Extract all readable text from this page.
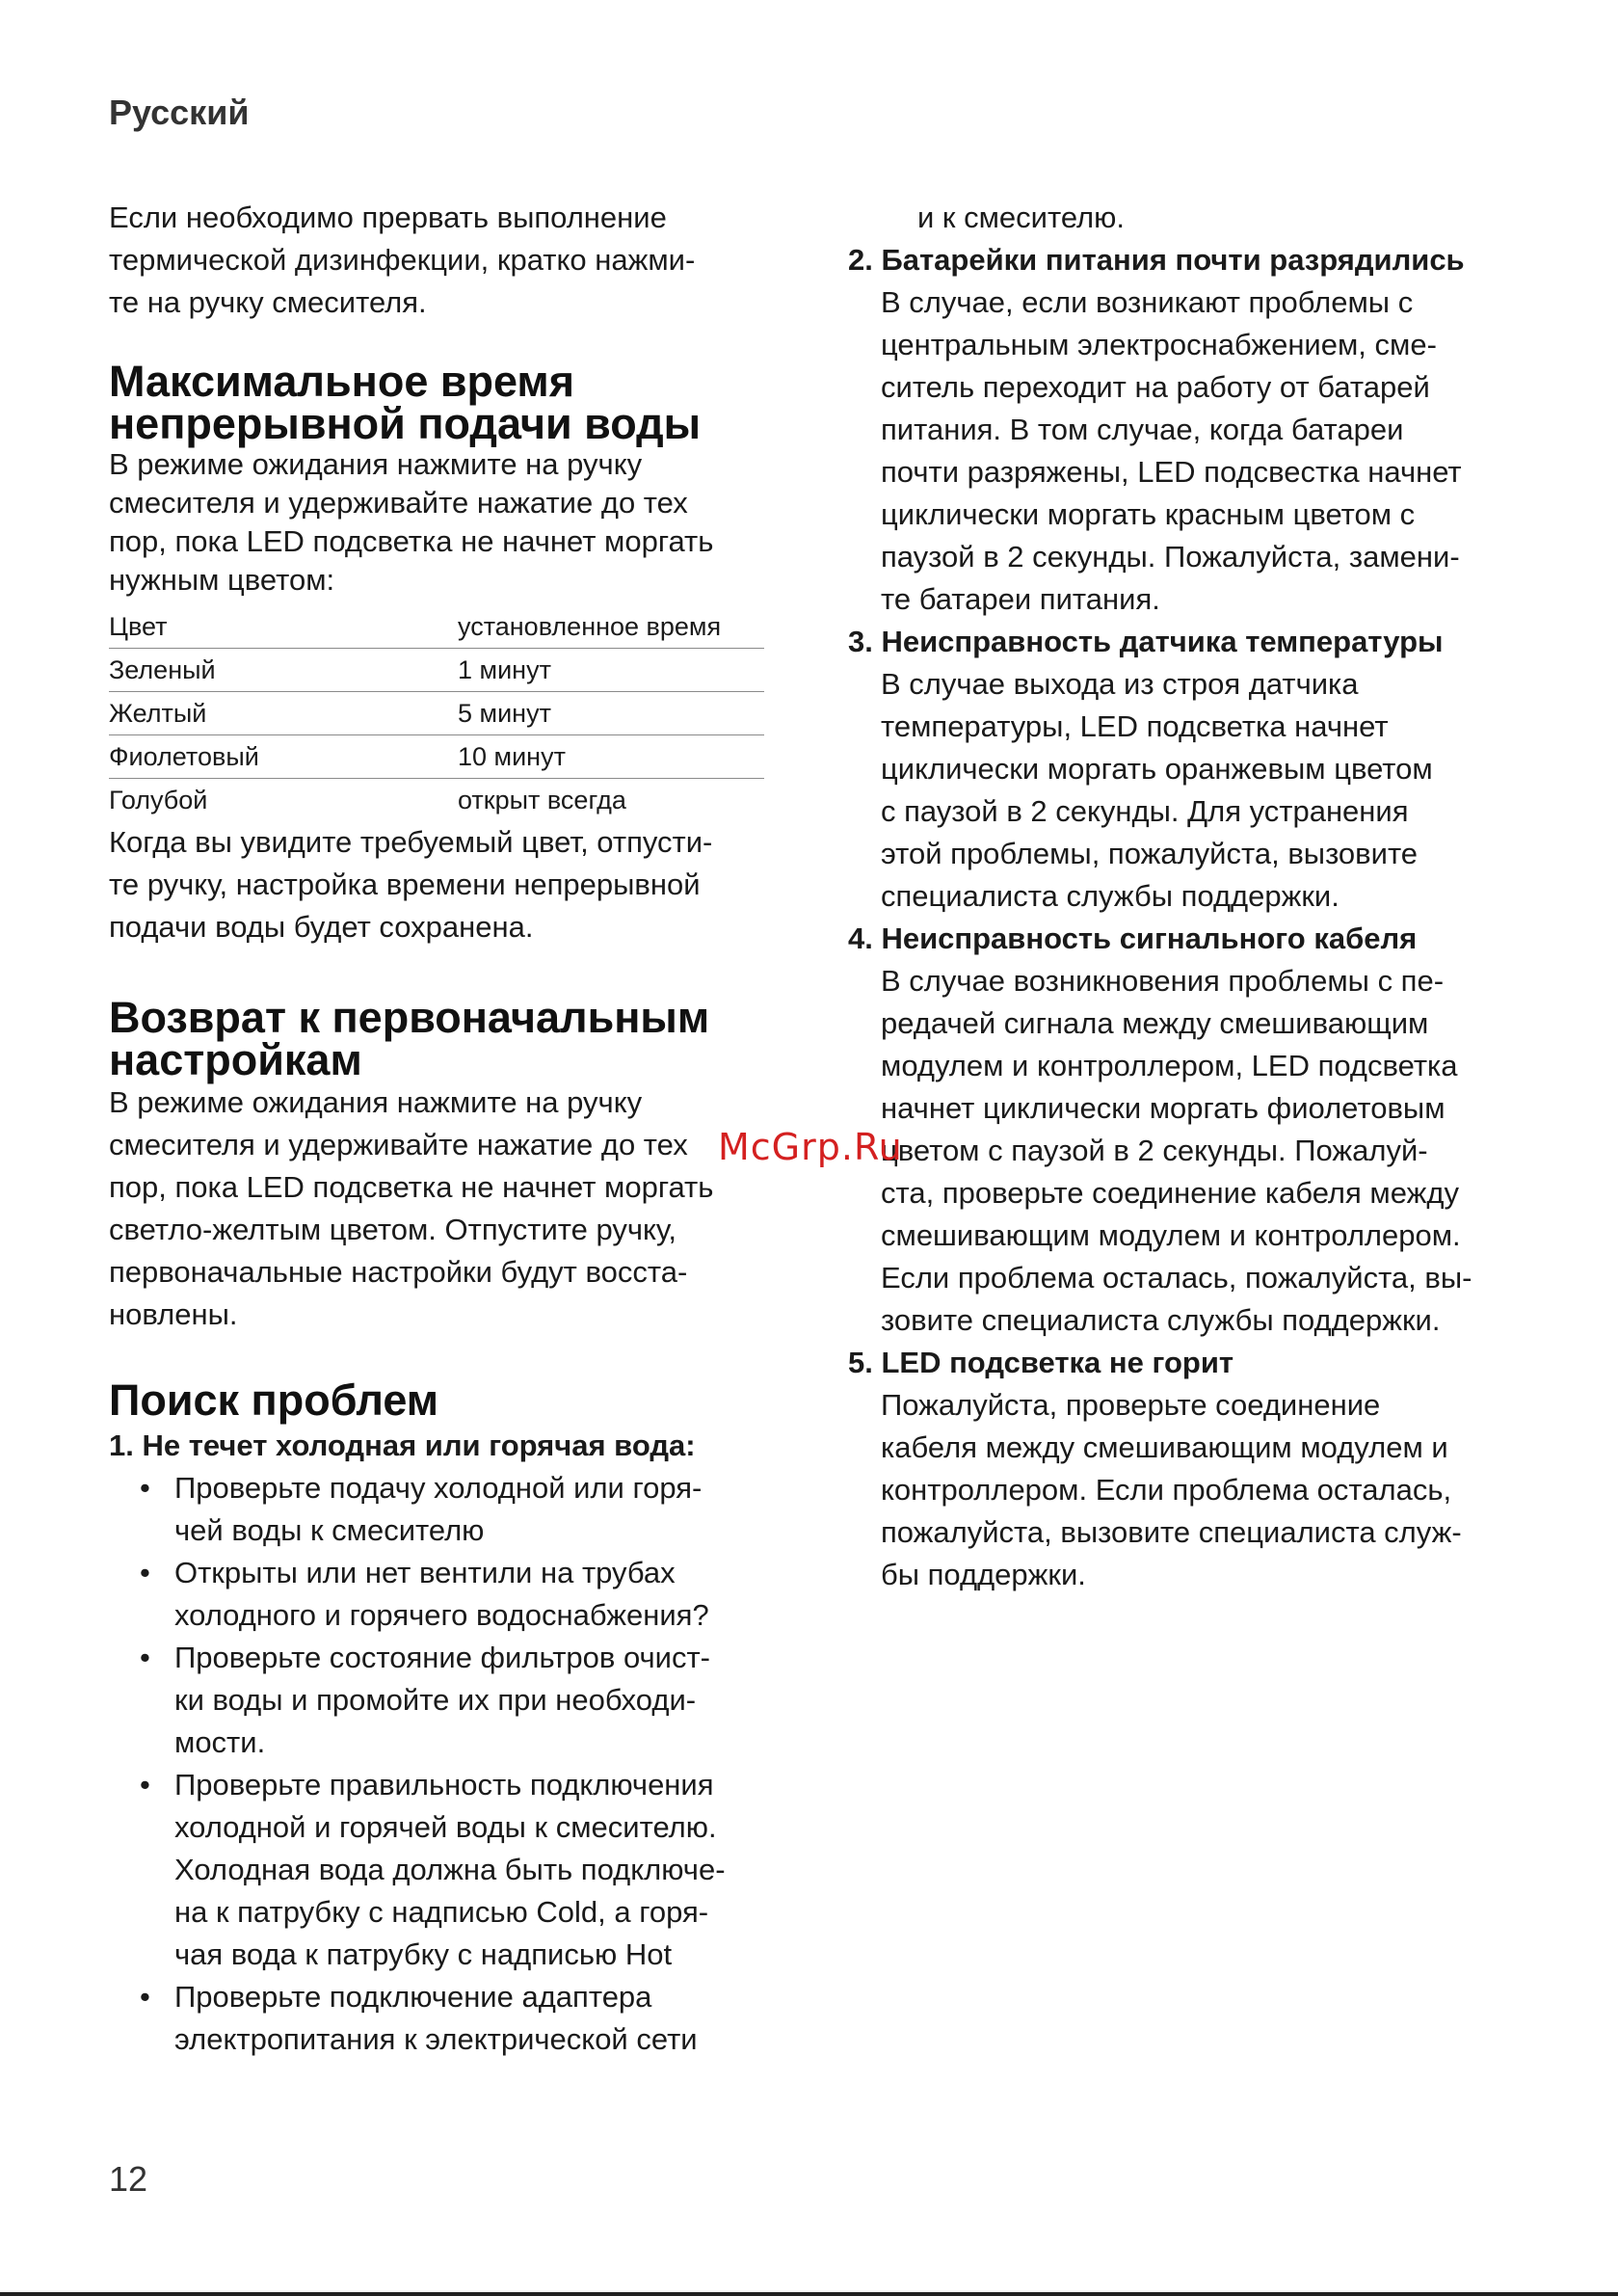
Русский

Если необходимо прервать выполнение

термической дизинфекции, кратко нажми-

те на ручку смесителя.

Максимальное время
непрерывной подачи воды

В режиме ожидания нажмите на ручку

смесителя и удерживайте нажатие до тех

пор, пока LED подсветка не начнет моргать

нужным цветом:

Цвет	установленное время
Зеленый	1 минут
Желтый	5 минут
Фиолетовый	10 минут
Голубой	открыт всегда

Когда вы увидите требуемый цвет, отпусти-

те ручку, настройка времени непрерывной

подачи воды будет сохранена.

Возврат к первоначальным
настройкам

В режиме ожидания нажмите на ручку

смесителя и удерживайте нажатие до тех

пор, пока LED подсветка не начнет моргать

светло-желтым цветом. Отпустите ручку,

первоначальные настройки будут восста-

новлены.

Поиск проблем

1. Не течет холодная или горячая вода:

• Проверьте подачу холодной или горя-
чей воды к смесителю
• Открыты или нет вентили на трубах
холодного и горячего водоснабжения?
• Проверьте состояние фильтров очист-
ки воды и промойте их при необходи-
мости.
• Проверьте правильность подключения
холодной и горячей воды к смесителю.
Холодная вода должна быть подключе-
на к патрубку с надписью Cold, а горя-
чая вода к патрубку с надписью Hot
• Проверьте подключение адаптера
электропитания к электрической сети

и к смесителю.

2. Батарейки питания почти разрядились

В случае, если возникают проблемы с

центральным электроснабжением, сме-

ситель переходит на работу от батарей

питания. В том случае, когда батареи

почти разряжены, LED подсвестка начнет

циклически моргать красным цветом с

паузой в 2 секунды. Пожалуйста, замени-

те батареи питания.

3. Неисправность датчика температуры

В случае выхода из строя датчика

температуры, LED подсветка начнет

циклически моргать оранжевым цветом

с паузой в 2 секунды. Для устранения

этой проблемы, пожалуйста, вызовите

специалиста службы поддержки.

4. Неисправность сигнального кабеля

В случае возникновения проблемы с пе-

редачей сигнала между смешивающим

модулем и контроллером, LED подсветка

начнет циклически моргать фиолетовым

цветом с паузой в 2 секунды. Пожалуй-

ста, проверьте соединение кабеля между

смешивающим модулем и контроллером.

Если проблема осталась, пожалуйста, вы-

зовите специалиста службы поддержки.

5. LED подсветка не горит

Пожалуйста, проверьте соединение

кабеля между смешивающим модулем и

контроллером. Если проблема осталась,

пожалуйста, вызовите специалиста служ-

бы поддержки.

McGrp.Ru
12
